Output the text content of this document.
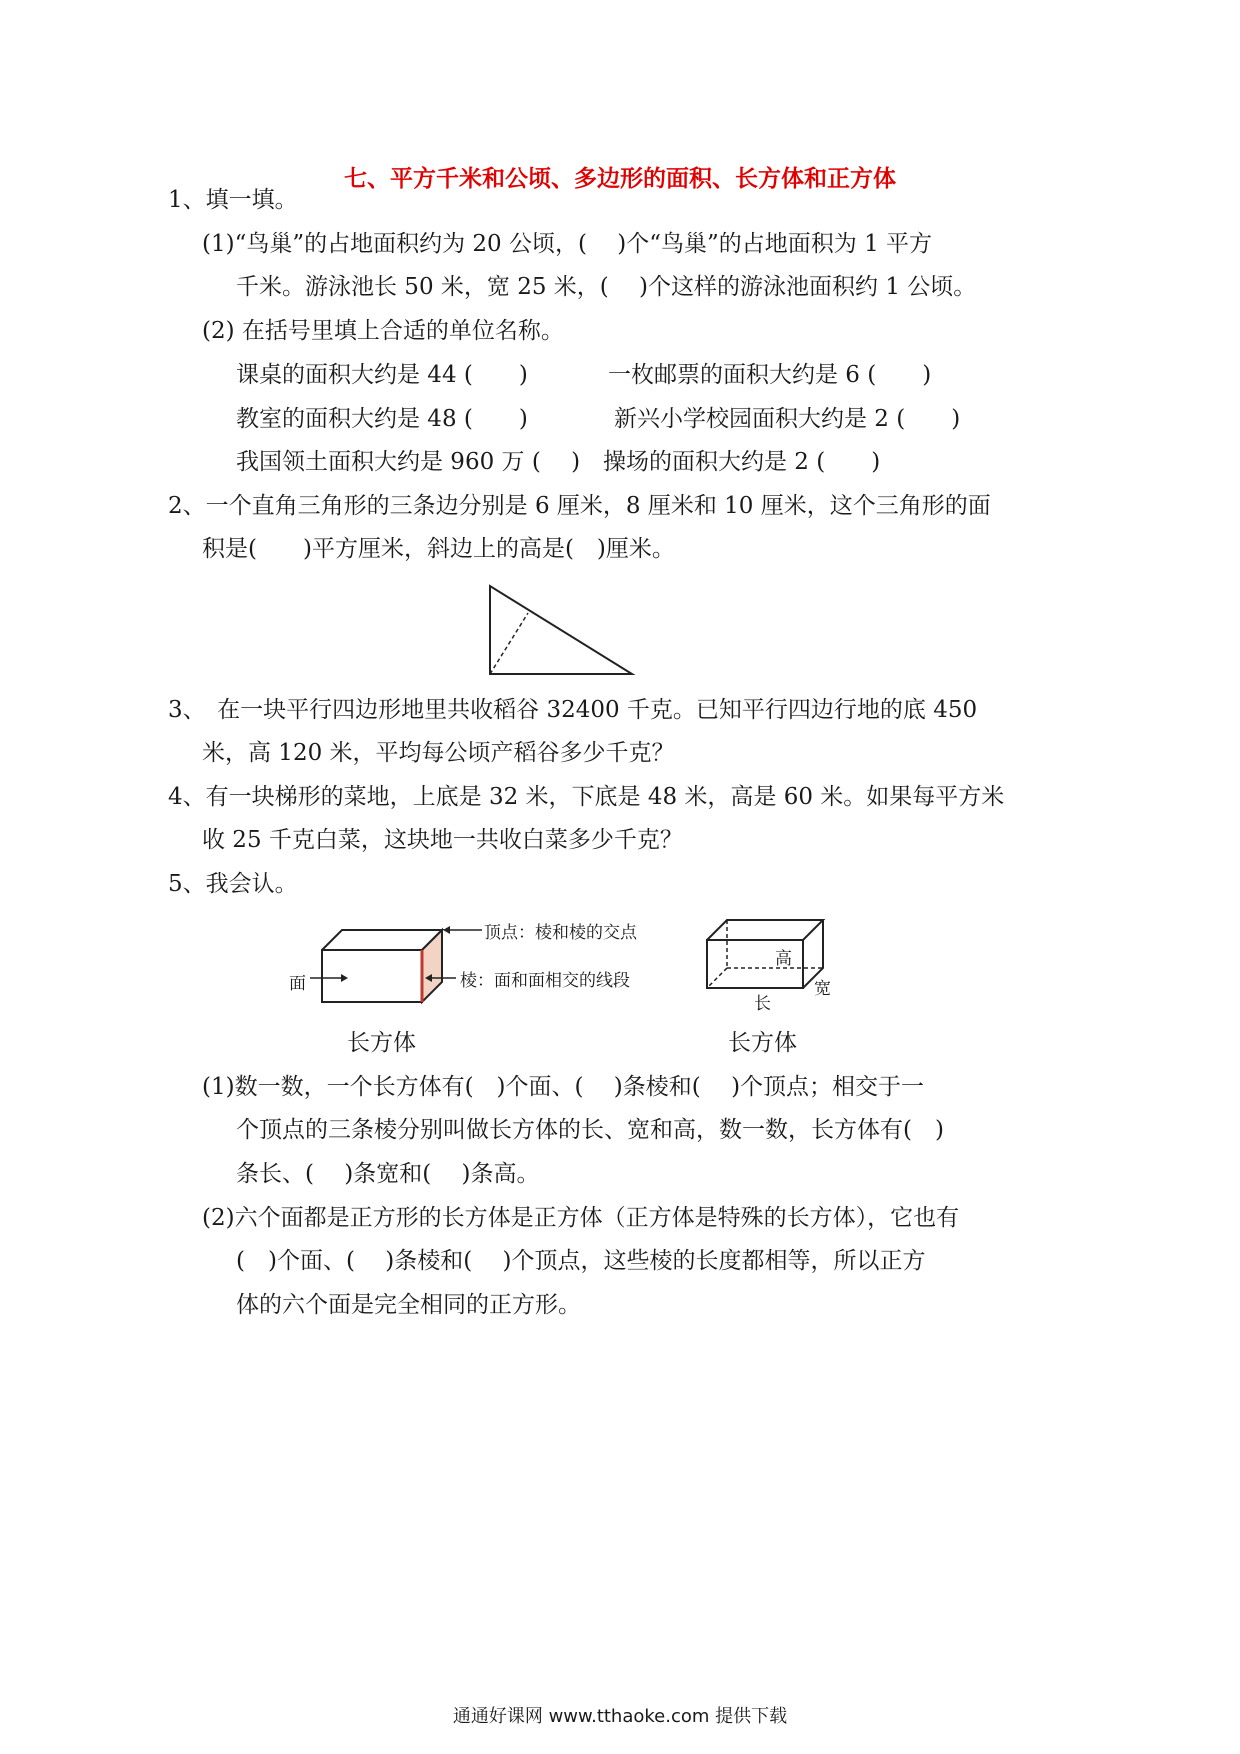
七、平方千米和公顷、多边形的面积、长方体和正方体
1、填一填。
(1)“鸟巢”的占地面积约为 20 公顷，(　 )个“鸟巢”的占地面积为 1 平方
千米。游泳池长 50 米，宽 25 米，(　 )个这样的游泳池面积约 1 公顷。
(2) 在括号里填上合适的单位名称。
课桌的面积大约是 44 (　　)	一枚邮票的面积大约是 6 (　　)
教室的面积大约是 48 (　　)	新兴小学校园面积大约是 2 (　　)
我国领土面积大约是 960 万 (　 ) 操场的面积大约是 2 (　　)
2、一个直角三角形的三条边分别是 6 厘米，8 厘米和 10 厘米，这个三角形的面
积是(　　)平方厘米，斜边上的高是(　)厘米。
3、　在一块平行四边形地里共收稻谷 32400 千克。已知平行四边行地的底 450
米，高 120 米，平均每公顷产稻谷多少千克？
4、有一块梯形的菜地，上底是 32 米，下底是 48 米，高是 60 米。如果每平方米
收 25 千克白菜，这块地一共收白菜多少千克？
5、我会认。
顶点：棱和棱的交点
棱：面和面相交的线段
面
长方体
高
宽
长
长方体
(1)数一数，一个长方体有(　)个面、(　 )条棱和(　 )个顶点；相交于一
个顶点的三条棱分别叫做长方体的长、宽和高，数一数，长方体有(　)
条长、(　 )条宽和(　 )条高。
(2)六个面都是正方形的长方体是正方体（正方体是特殊的长方体），它也有
(　)个面、(　 )条棱和(　 )个顶点，这些棱的长度都相等，所以正方
体的六个面是完全相同的正方形。
通通好课网 www.tthaoke.com 提供下载
